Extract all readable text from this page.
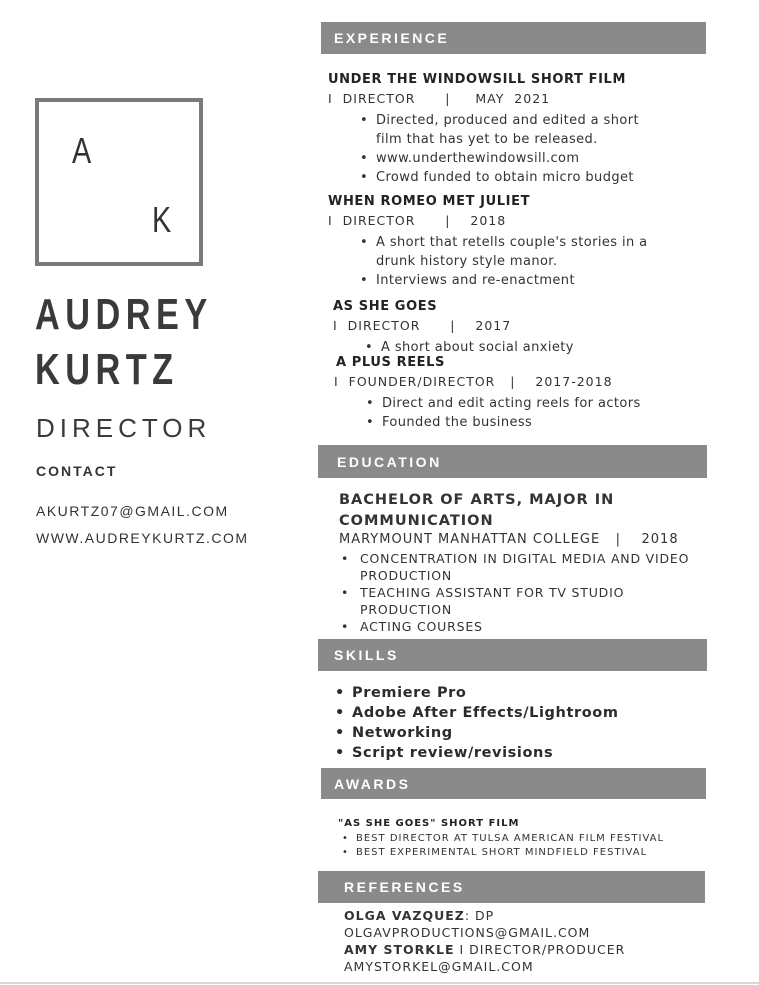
A
K
AUDREY
KURTZ
DIRECTOR
CONTACT
AKURTZ07@GMAIL.COM
WWW.AUDREYKURTZ.COM
EXPERIENCE
UNDER THE WINDOWSILL SHORT FILM
I  DIRECTOR      |     MAY  2021
• Directed, produced and edited a short film that has yet to be released.
• www.underthewindowsill.com
• Crowd funded to obtain micro budget
WHEN ROMEO MET JULIET
I  DIRECTOR      |    2018
• A short that retells couple's stories in a drunk history style manor.
• Interviews and re-enactment
AS SHE GOES
I  DIRECTOR      |    2017
• A short about social anxiety
A PLUS REELS
I  FOUNDER/DIRECTOR   |    2017-2018
• Direct and edit acting reels for actors
• Founded the business
EDUCATION
BACHELOR OF ARTS, MAJOR IN COMMUNICATION
MARYMOUNT MANHATTAN COLLEGE   |    2018
• CONCENTRATION IN DIGITAL MEDIA AND VIDEO PRODUCTION
• TEACHING ASSISTANT FOR TV STUDIO PRODUCTION
• ACTING COURSES
SKILLS
• Premiere Pro
• Adobe After Effects/Lightroom
• Networking
• Script review/revisions
AWARDS
"AS SHE GOES" SHORT FILM
• BEST DIRECTOR AT TULSA AMERICAN FILM FESTIVAL
• BEST EXPERIMENTAL SHORT MINDFIELD FESTIVAL
REFERENCES
OLGA VAZQUEZ: DP
OLGAVPRODUCTIONS@GMAIL.COM
AMY STORKLE I DIRECTOR/PRODUCER
AMYSTORKEL@GMAIL.COM
